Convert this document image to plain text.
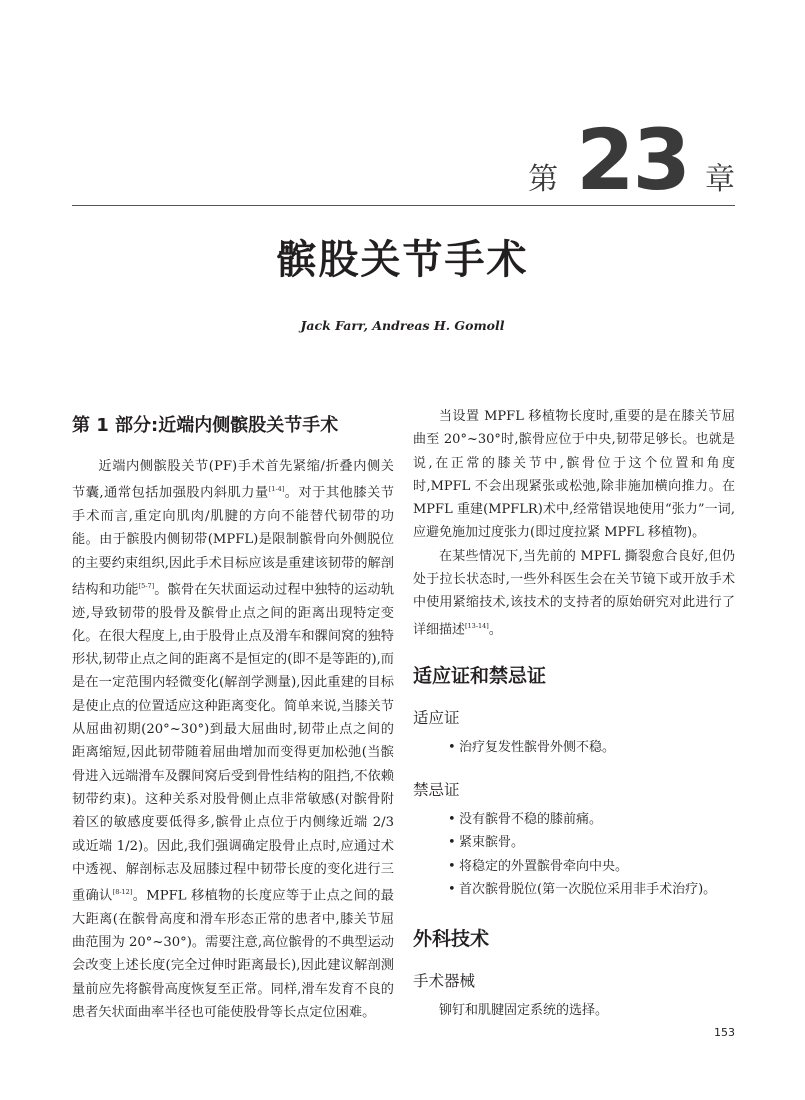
第 23 章
髌股关节手术
Jack Farr, Andreas H. Gomoll
第 1 部分:近端内侧髌股关节手术

近端内侧髌股关节(PF)手术首先紧缩/折叠内侧关节囊,通常包括加强股内斜肌力量[1-4]。对于其他膝关节手术而言,重定向肌肉/肌腱的方向不能替代韧带的功能。由于髌股内侧韧带(MPFL)是限制髌骨向外侧脱位的主要约束组织,因此手术目标应该是重建该韧带的解剖结构和功能[5-7]。髌骨在矢状面运动过程中独特的运动轨迹,导致韧带的股骨及髌骨止点之间的距离出现特定变化。在很大程度上,由于股骨止点及滑车和髁间窝的独特形状,韧带止点之间的距离不是恒定的(即不是等距的),而是在一定范围内轻微变化(解剖学测量),因此重建的目标是使止点的位置适应这种距离变化。简单来说,当膝关节从屈曲初期(20°~30°)到最大屈曲时,韧带止点之间的距离缩短,因此韧带随着屈曲增加而变得更加松弛(当髌骨进入远端滑车及髁间窝后受到骨性结构的阻挡,不依赖韧带约束)。这种关系对股骨侧止点非常敏感(对髌骨附着区的敏感度要低得多,髌骨止点位于内侧缘近端 2/3 或近端 1/2)。因此,我们强调确定股骨止点时,应通过术中透视、解剖标志及屈膝过程中韧带长度的变化进行三重确认[8-12]。MPFL 移植物的长度应等于止点之间的最大距离(在髌骨高度和滑车形态正常的患者中,膝关节屈曲范围为 20°~30°)。需要注意,高位髌骨的不典型运动会改变上述长度(完全过伸时距离最长),因此建议解剖测量前应先将髌骨高度恢复至正常。同样,滑车发育不良的患者矢状面曲率半径也可能使股骨等长点定位困难。

当设置 MPFL 移植物长度时,重要的是在膝关节屈曲至 20°~30°时,髌骨应位于中央,韧带足够长。也就是说,在正常的膝关节中,髌骨位于这个位置和角度时,MPFL 不会出现紧张或松弛,除非施加横向推力。在 MPFL 重建(MPFLR)术中,经常错误地使用“张力”一词,应避免施加过度张力(即过度拉紧 MPFL 移植物)。

在某些情况下,当先前的 MPFL 撕裂愈合良好,但仍处于拉长状态时,一些外科医生会在关节镜下或开放手术中使用紧缩技术,该技术的支持者的原始研究对此进行了详细描述[13-14]。

适应证和禁忌证
适应证
• 治疗复发性髌骨外侧不稳。
禁忌证
• 没有髌骨不稳的膝前痛。
• 紧束髌骨。
• 将稳定的外置髌骨牵向中央。
• 首次髌骨脱位(第一次脱位采用非手术治疗)。
外科技术
手术器械

铆钉和肌腱固定系统的选择。

153
